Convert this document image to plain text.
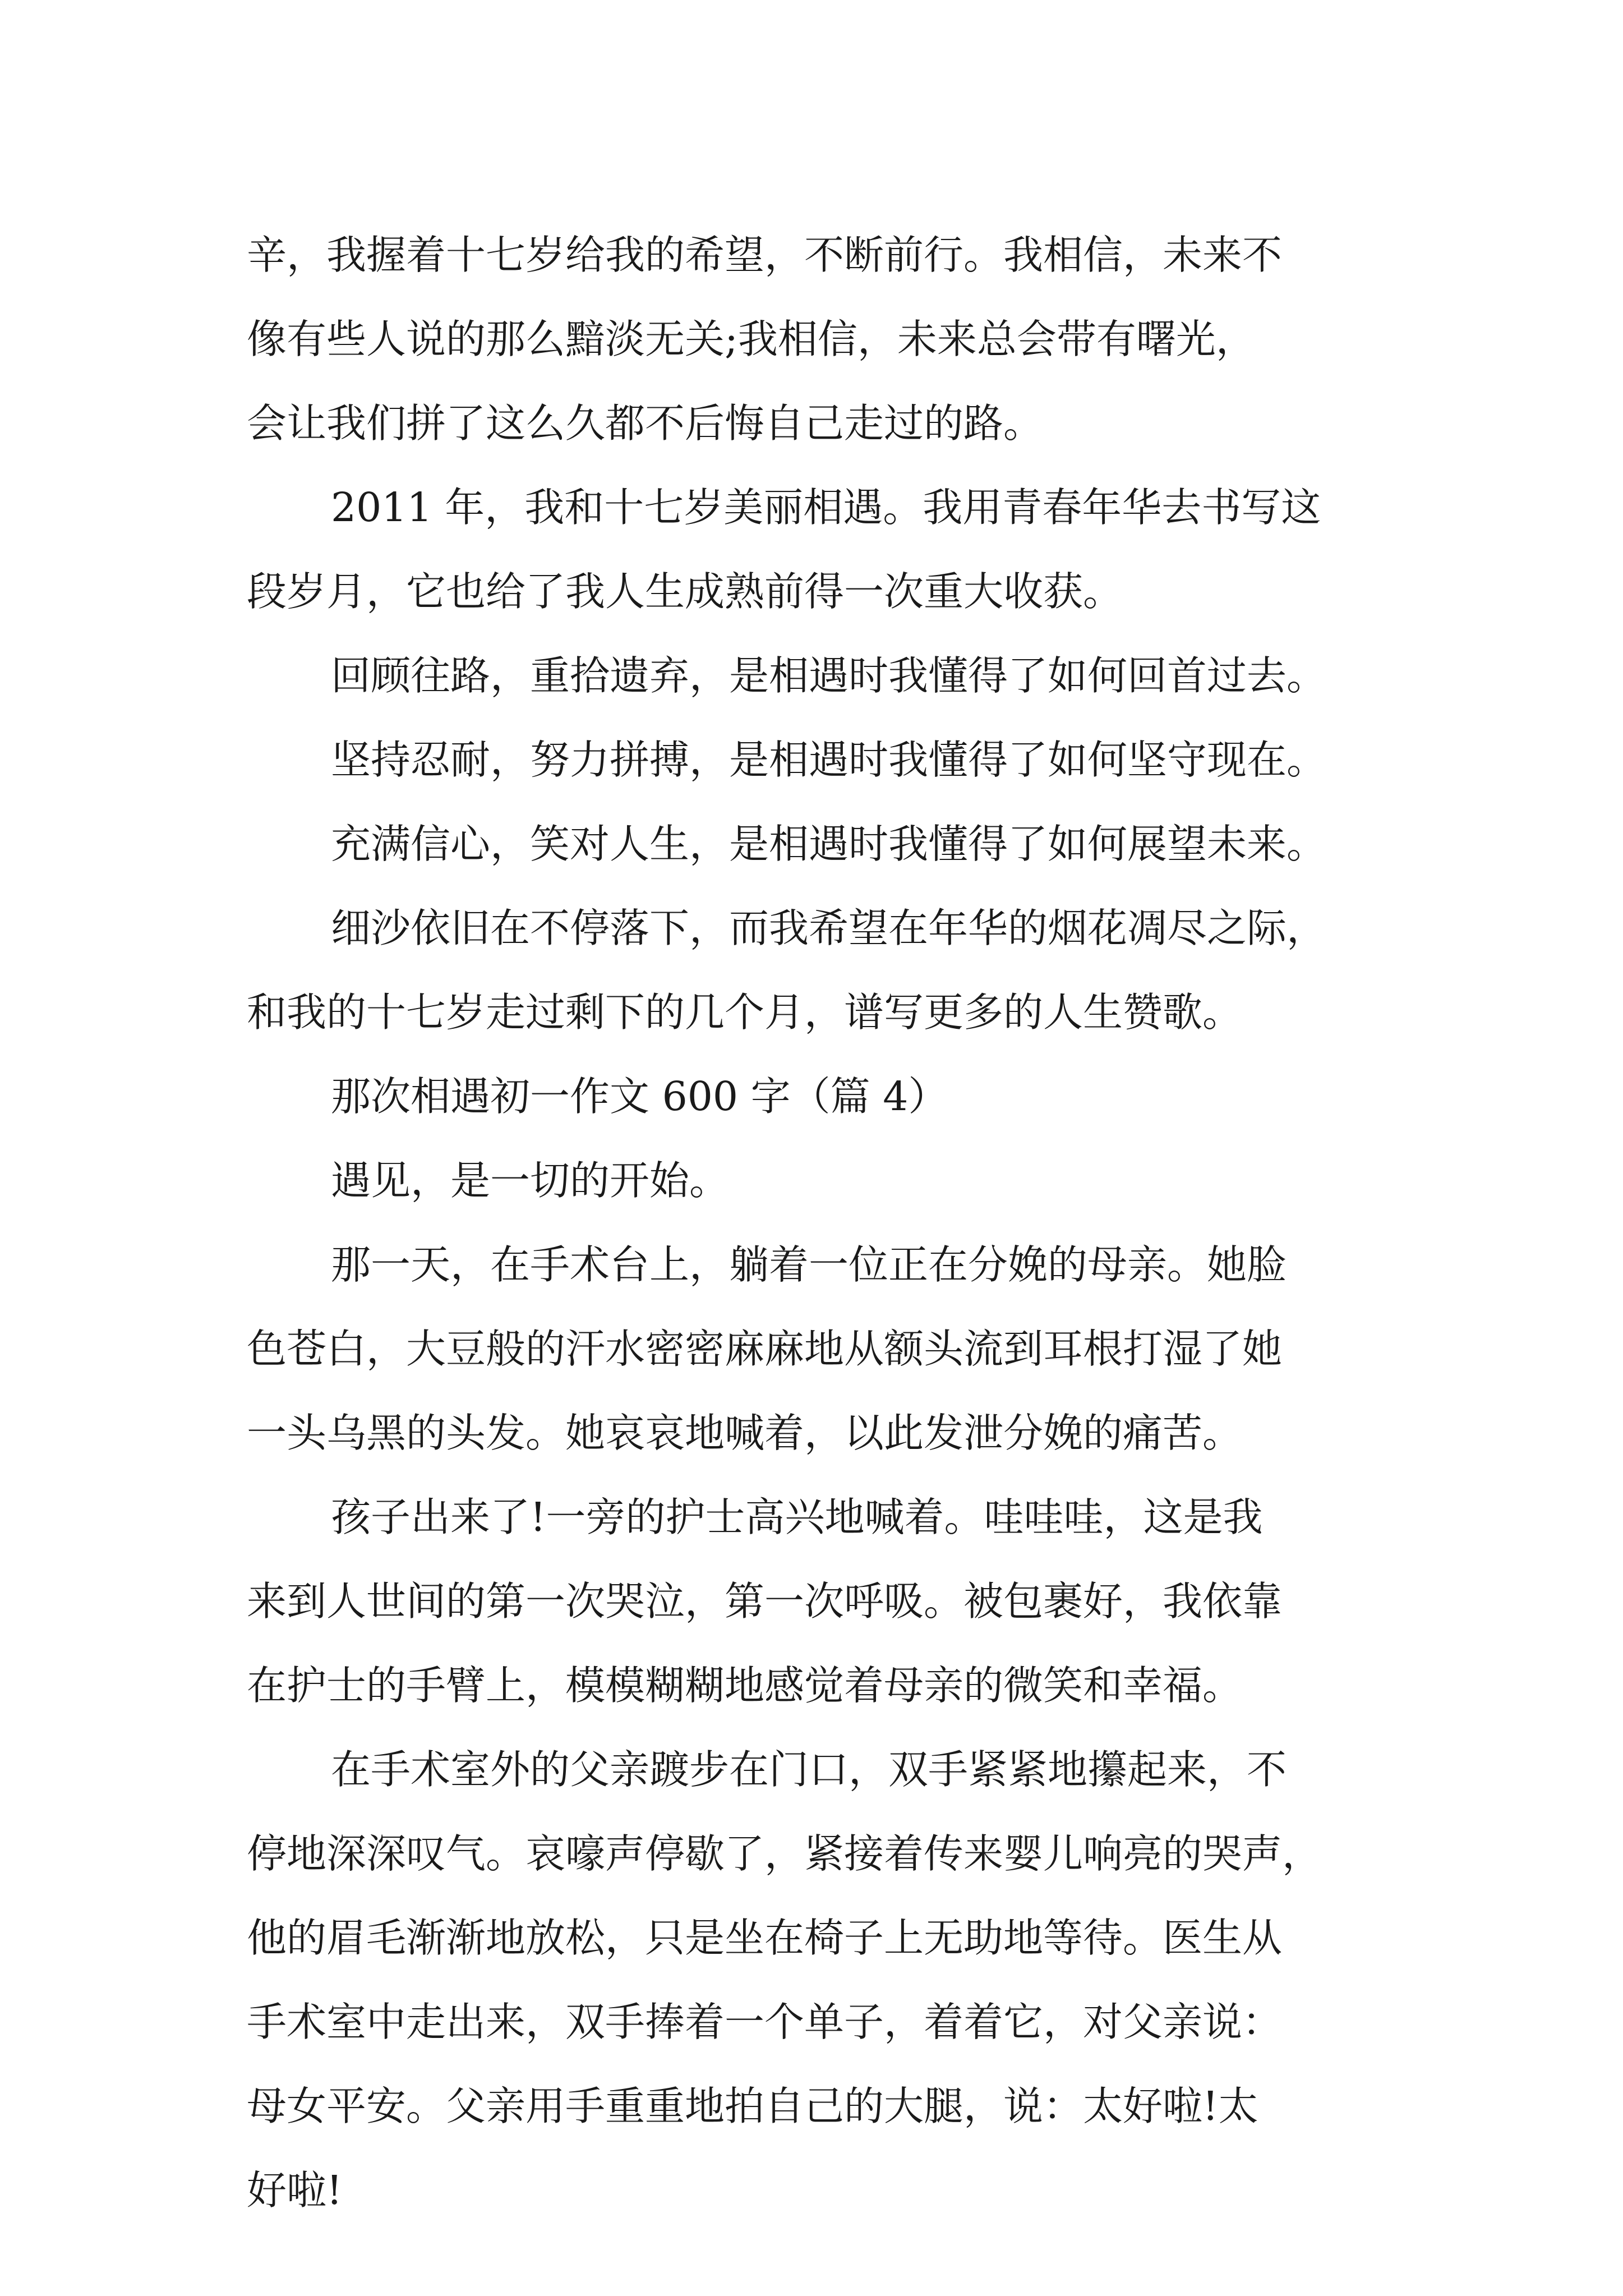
辛，我握着十七岁给我的希望，不断前行。我相信，未来不
像有些人说的那么黯淡无关;我相信，未来总会带有曙光，
会让我们拼了这么久都不后悔自己走过的路。
2011 年，我和十七岁美丽相遇。我用青春年华去书写这
段岁月，它也给了我人生成熟前得一次重大收获。
回顾往路，重拾遗弃，是相遇时我懂得了如何回首过去。
坚持忍耐，努力拼搏，是相遇时我懂得了如何坚守现在。
充满信心，笑对人生，是相遇时我懂得了如何展望未来。
细沙依旧在不停落下，而我希望在年华的烟花凋尽之际，
和我的十七岁走过剩下的几个月，谱写更多的人生赞歌。
那次相遇初一作文 600 字（篇 4）
遇见，是一切的开始。
那一天，在手术台上，躺着一位正在分娩的母亲。她脸
色苍白，大豆般的汗水密密麻麻地从额头流到耳根打湿了她
一头乌黑的头发。她哀哀地喊着，以此发泄分娩的痛苦。
孩子出来了!一旁的护士高兴地喊着。哇哇哇，这是我
来到人世间的第一次哭泣，第一次呼吸。被包裹好，我依靠
在护士的手臂上，模模糊糊地感觉着母亲的微笑和幸福。
在手术室外的父亲踱步在门口，双手紧紧地攥起来，不
停地深深叹气。哀嚎声停歇了，紧接着传来婴儿响亮的哭声，
他的眉毛渐渐地放松，只是坐在椅子上无助地等待。医生从
手术室中走出来，双手捧着一个单子，着着它，对父亲说：
母女平安。父亲用手重重地拍自己的大腿，说：太好啦!太
好啦!
